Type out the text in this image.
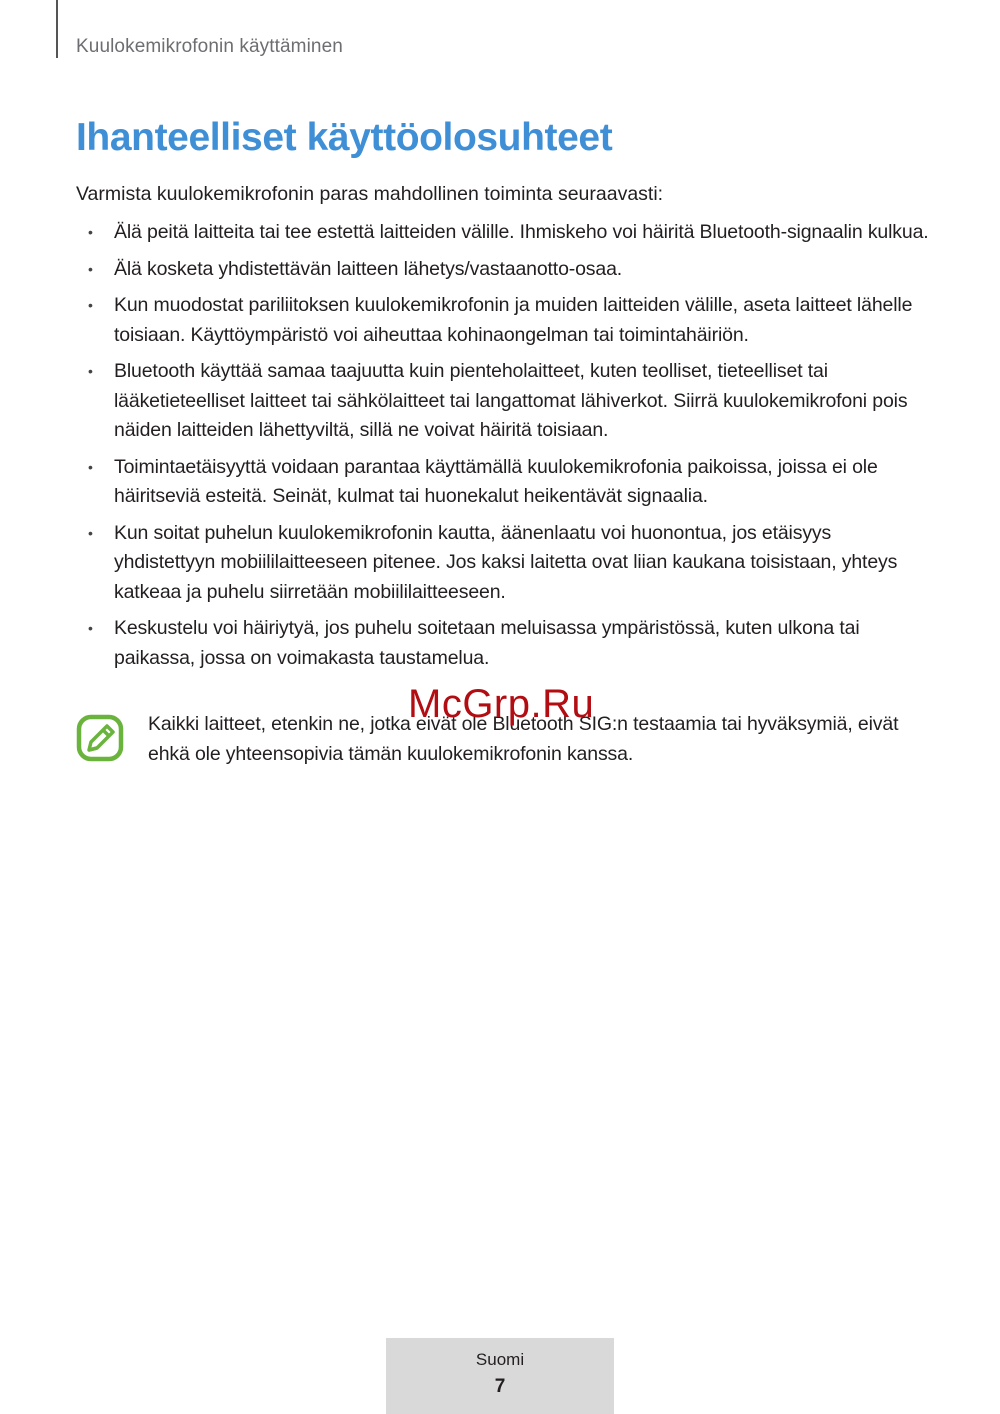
Kuulokemikrofonin käyttäminen
Ihanteelliset käyttöolosuhteet

Varmista kuulokemikrofonin paras mahdollinen toiminta seuraavasti:

• Älä peitä laitteita tai tee estettä laitteiden välille. Ihmiskeho voi häiritä Bluetooth-signaalin kulkua.
• Älä kosketa yhdistettävän laitteen lähetys/vastaanotto-osaa.
• Kun muodostat pariliitoksen kuulokemikrofonin ja muiden laitteiden välille, aseta laitteet lähelle toisiaan. Käyttöympäristö voi aiheuttaa kohinaongelman tai toimintahäiriön.
• Bluetooth käyttää samaa taajuutta kuin pienteholaitteet, kuten teolliset, tieteelliset tai lääketieteelliset laitteet tai sähkölaitteet tai langattomat lähiverkot. Siirrä kuulokemikrofoni pois näiden laitteiden lähettyviltä, sillä ne voivat häiritä toisiaan.
• Toimintaetäisyyttä voidaan parantaa käyttämällä kuulokemikrofonia paikoissa, joissa ei ole häiritseviä esteitä. Seinät, kulmat tai huonekalut heikentävät signaalia.
• Kun soitat puhelun kuulokemikrofonin kautta, äänenlaatu voi huonontua, jos etäisyys yhdistettyyn mobiililaitteeseen pitenee. Jos kaksi laitetta ovat liian kaukana toisistaan, yhteys katkeaa ja puhelu siirretään mobiililaitteeseen.
• Keskustelu voi häiriytyä, jos puhelu soitetaan meluisassa ympäristössä, kuten ulkona tai paikassa, jossa on voimakasta taustamelua.

Kaikki laitteet, etenkin ne, jotka eivät ole Bluetooth SIG:n testaamia tai hyväksymiä, eivät ehkä ole yhteensopivia tämän kuulokemikrofonin kanssa.

McGrp.Ru
Suomi
7
